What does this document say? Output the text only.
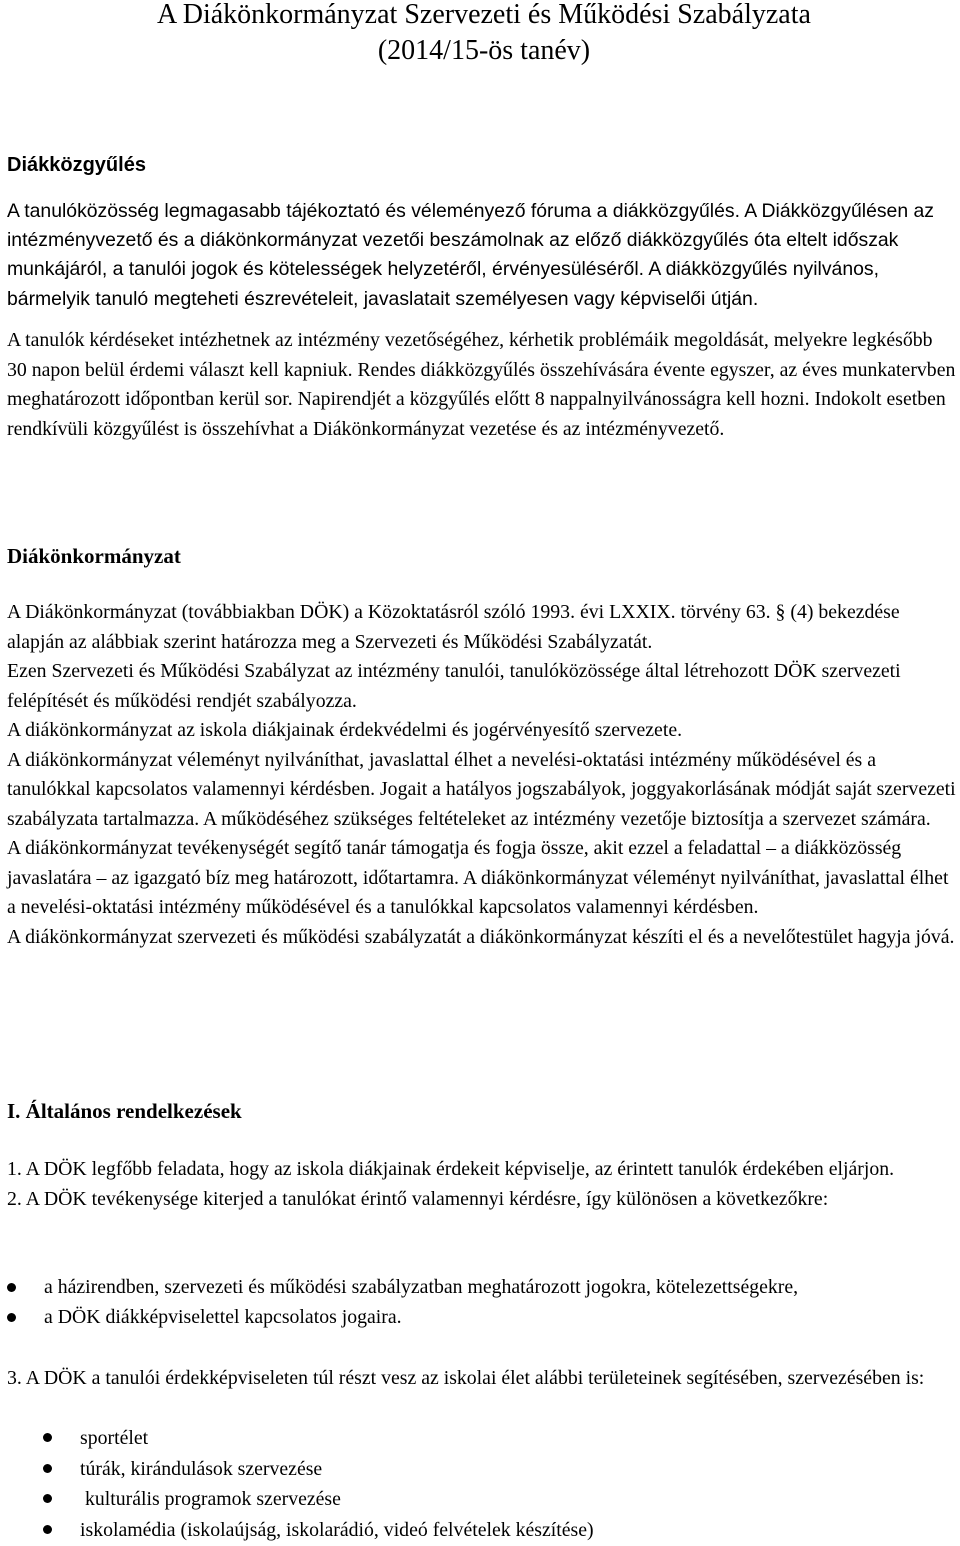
A Diákönkormányzat Szervezeti és Működési Szabályzata
(2014/15-ös tanév)
Diákközgyűlés

A tanulóközösség legmagasabb tájékoztató és véleményező fóruma a diákközgyűlés. A Diákközgyűlésen az intézményvezető és a diákönkormányzat vezetői beszámolnak az előző diákközgyűlés óta eltelt időszak munkájáról, a tanulói jogok és kötelességek helyzetéről, érvényesüléséről. A diákközgyűlés nyilvános, bármelyik tanuló megteheti észrevételeit, javaslatait személyesen vagy képviselői útján.

A tanulók kérdéseket intézhetnek az intézmény vezetőségéhez, kérhetik problémáik megoldását, melyekre legkésőbb 30 napon belül érdemi választ kell kapniuk. Rendes diákközgyűlés összehívására évente egyszer, az éves munkatervben meghatározott időpontban kerül sor. Napirendjét a közgyűlés előtt 8 nappalnyilvánosságra kell hozni. Indokolt esetben rendkívüli közgyűlést is összehívhat a Diákönkormányzat vezetése és az intézményvezető.

Diákönkormányzat
A Diákönkormányzat (továbbiakban DÖK) a Közoktatásról szóló 1993. évi LXXIX. törvény 63. § (4) bekezdése alapján az alábbiak szerint határozza meg a Szervezeti és Működési Szabályzatát.
Ezen Szervezeti és Működési Szabályzat az intézmény tanulói, tanulóközössége által létrehozott DÖK szervezeti felépítését és működési rendjét szabályozza.
A diákönkormányzat az iskola diákjainak érdekvédelmi és jogérvényesítő szervezete.
A diákönkormányzat véleményt nyilváníthat, javaslattal élhet a nevelési-oktatási intézmény működésével és a tanulókkal kapcsolatos valamennyi kérdésben. Jogait a hatályos jogszabályok, joggyakorlásának módját saját szervezeti szabályzata tartalmazza. A működéséhez szükséges feltételeket az intézmény vezetője biztosítja a szervezet számára.
A diákönkormányzat tevékenységét segítő tanár támogatja és fogja össze, akit ezzel a feladattal – a diákközösség javaslatára – az igazgató bíz meg határozott, időtartamra. A diákönkormányzat véleményt nyilváníthat, javaslattal élhet a nevelési-oktatási intézmény működésével és a tanulókkal kapcsolatos valamennyi kérdésben.
A diákönkormányzat szervezeti és működési szabályzatát a diákönkormányzat készíti el és a nevelőtestület hagyja jóvá.
I. Általános rendelkezések
1. A DÖK legfőbb feladata, hogy az iskola diákjainak érdekeit képviselje, az érintett tanulók érdekében eljárjon.
2. A DÖK tevékenysége kiterjed a tanulókat érintő valamennyi kérdésre, így különösen a következőkre:
a házirendben, szervezeti és működési szabályzatban meghatározott jogokra, kötelezettségekre,
a DÖK diákképviselettel kapcsolatos jogaira.
3. A DÖK a tanulói érdekképviseleten túl részt vesz az iskolai élet alábbi területeinek segítésében, szervezésében is:
sportélet
túrák, kirándulások szervezése
kulturális programok szervezése
iskolamédia (iskolaújság, iskolarádió, videó felvételek készítése)
